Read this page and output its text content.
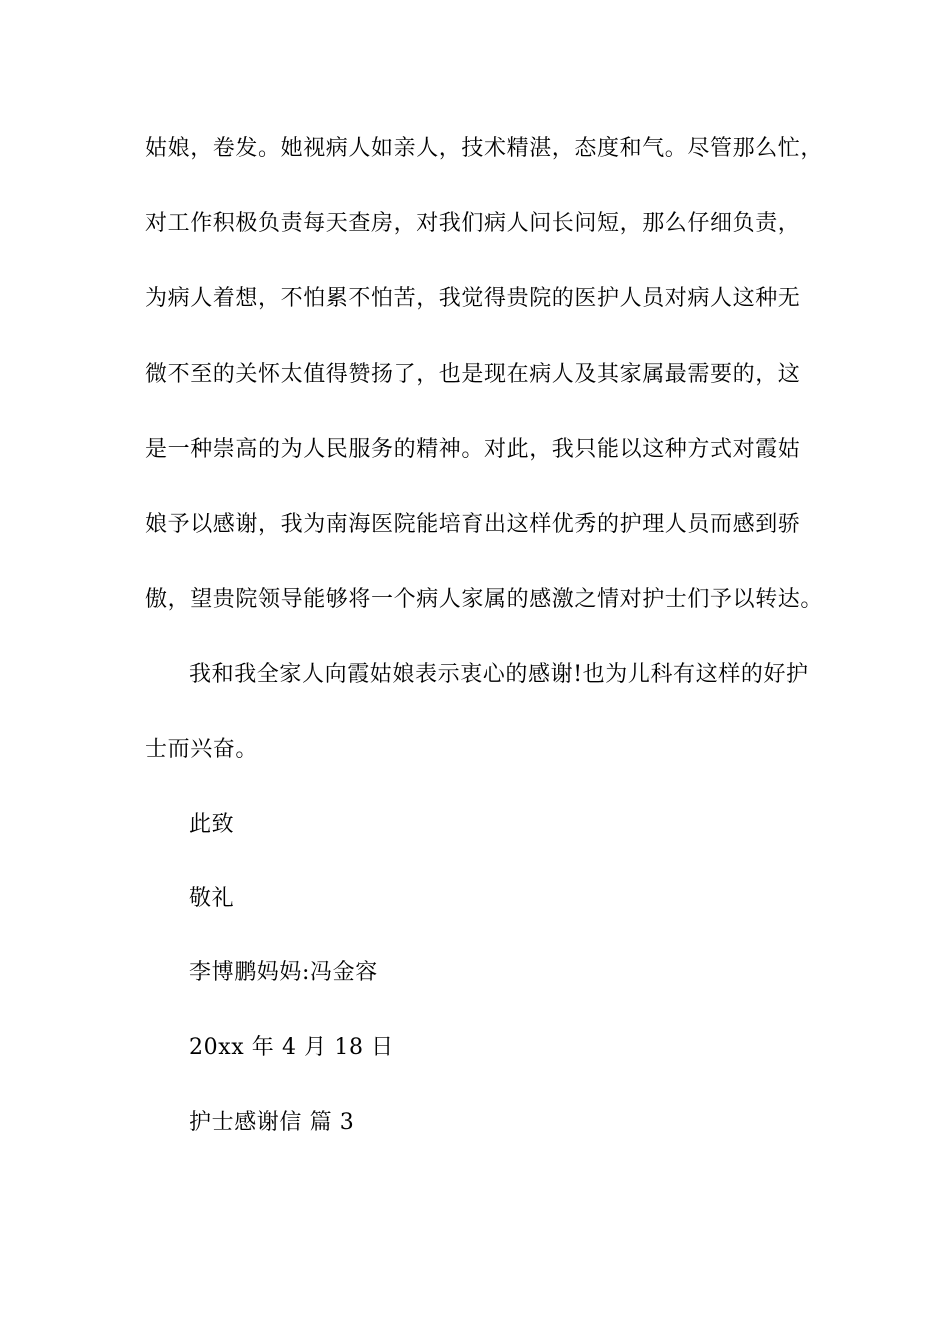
姑娘，卷发。她视病人如亲人，技术精湛，态度和气。尽管那么忙，
对工作积极负责每天查房，对我们病人问长问短，那么仔细负责，
为病人着想，不怕累不怕苦，我觉得贵院的医护人员对病人这种无
微不至的关怀太值得赞扬了，也是现在病人及其家属最需要的，这
是一种崇高的为人民服务的精神。对此，我只能以这种方式对霞姑
娘予以感谢，我为南海医院能培育出这样优秀的护理人员而感到骄
傲，望贵院领导能够将一个病人家属的感激之情对护士们予以转达。
我和我全家人向霞姑娘表示衷心的感谢!也为儿科有这样的好护
士而兴奋。
此致
敬礼
李博鹏妈妈:冯金容
20xx 年 4 月 18 日
护士感谢信 篇 3
